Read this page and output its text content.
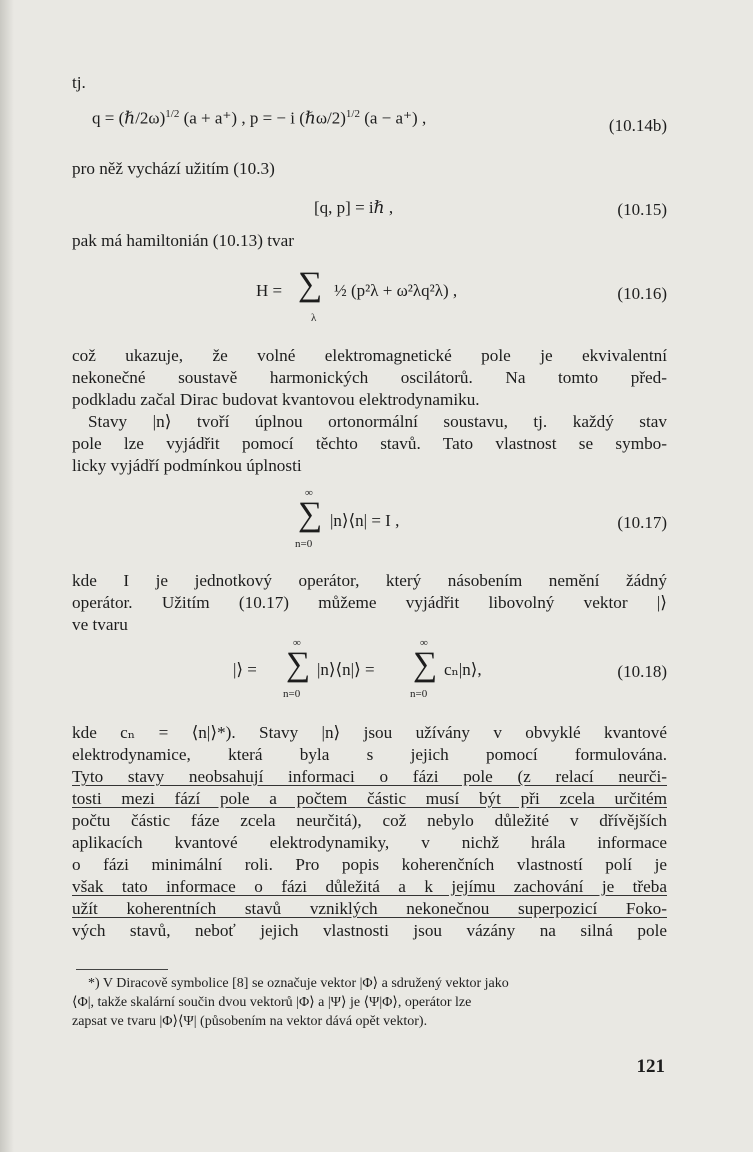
tj.
q = (ℏ/2ω)$^{1/2}$ (a + a⁺) , p = − i (ℏω/2)$^{1/2}$ (a − a⁺) ,	(10.14b)
pro něž vychází užitím (10.3)
[q, p] = iℏ ,	(10.15)
pak má hamiltonián (10.13) tvar
H = ∑
λ
½ (p²λ + ω²λq²λ) ,	(10.16)
což ukazuje, že volné elektromagnetické pole je ekvivalentní
nekonečné soustavě harmonických oscilátorů. Na tomto před-
podkladu začal Dirac budovat kvantovou elektrodynamiku.
Stavy |n⟩ tvoří úplnou ortonormální soustavu, tj. každý stav
pole lze vyjádřit pomocí těchto stavů. Tato vlastnost se symbo-
licky vyjádří podmínkou úplnosti
∞
∑
n=0
|n⟩⟨n| = I ,	(10.17)
kde I je jednotkový operátor, který násobením nemění žádný
operátor. Užitím (10.17) můžeme vyjádřit libovolný vektor |⟩
ve tvaru
|⟩ =
∞
∑
n=0
|n⟩⟨n|⟩ =
∞
∑
n=0
cₙ|n⟩,	(10.18)
kde cₙ = ⟨n|⟩*). Stavy |n⟩ jsou užívány v obvyklé kvantové
elektrodynamice, která byla s jejich pomocí formulována.
Tyto stavy neobsahují informaci o fázi pole (z relací neurči-
tosti mezi fází pole a počtem částic musí být při zcela určitém
počtu částic fáze zcela neurčitá), což nebylo důležité v dřívějších
aplikacích kvantové elektrodynamiky, v nichž hrála informace
o fázi minimální roli. Pro popis koherenčních vlastností polí je
však tato informace o fázi důležitá a k jejímu zachování je třeba
užít koherentních stavů vzniklých nekonečnou superpozicí Foko-
vých stavů, neboť jejich vlastnosti jsou vázány na silná pole
*) V Diracově symbolice [8] se označuje vektor |Φ⟩ a sdružený vektor jako
⟨Φ|, takže skalární součin dvou vektorů |Φ⟩ a |Ψ⟩ je ⟨Ψ|Φ⟩, operátor lze
zapsat ve tvaru |Φ⟩⟨Ψ| (působením na vektor dává opět vektor).
121
